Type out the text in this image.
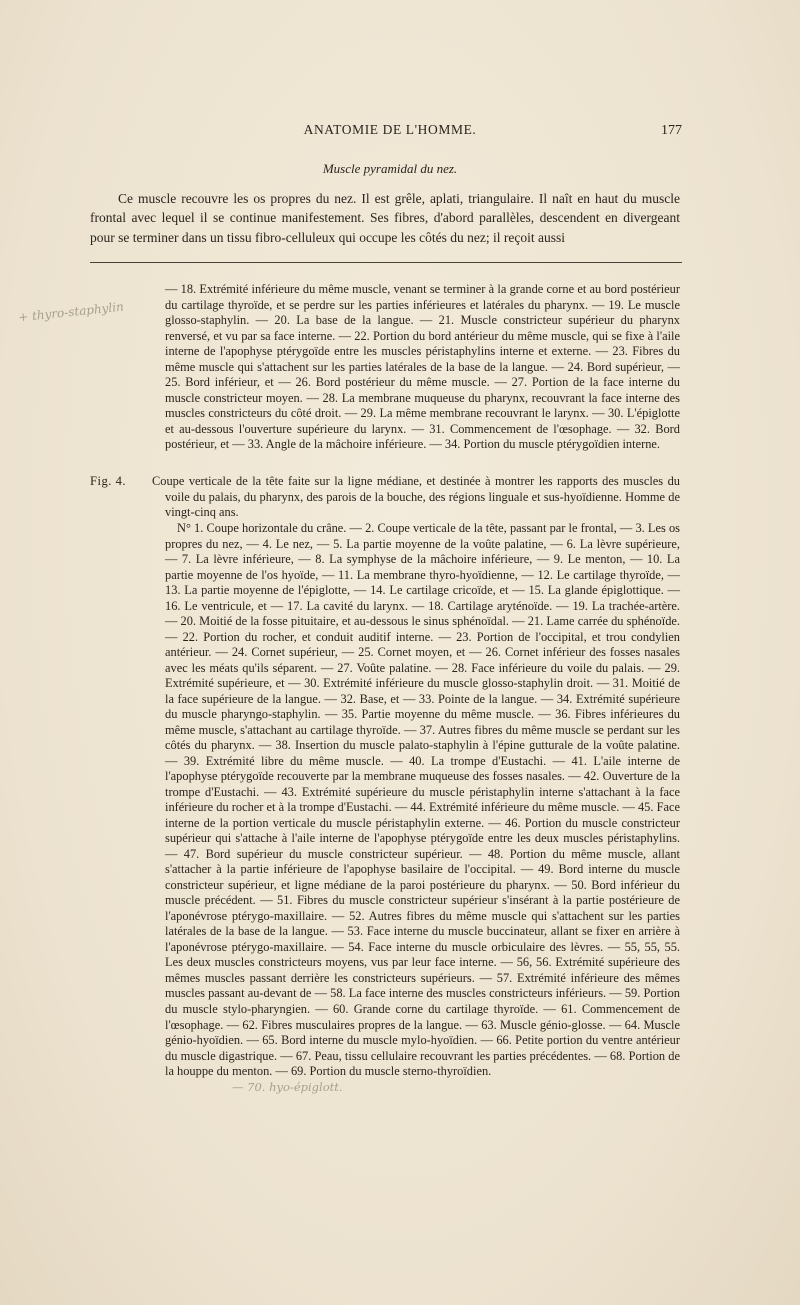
ANATOMIE DE L'HOMME.	177
Muscle pyramidal du nez.

Ce muscle recouvre les os propres du nez. Il est grêle, aplati, triangulaire. Il naît en haut du muscle frontal avec lequel il se continue manifestement. Ses fibres, d'abord parallèles, descendent en divergeant pour se terminer dans un tissu fibro-celluleux qui occupe les côtés du nez; il reçoit aussi

+ thyro-staphylin

— 18. Extrémité inférieure du même muscle, venant se terminer à la grande corne et au bord postérieur du cartilage thyroïde, et se perdre sur les parties inférieures et latérales du pharynx. — 19. Le muscle glosso-staphylin. — 20. La base de la langue. — 21. Muscle constricteur supérieur du pharynx renversé, et vu par sa face interne. — 22. Portion du bord antérieur du même muscle, qui se fixe à l'aile interne de l'apophyse ptérygoïde entre les muscles péristaphylins interne et externe. — 23. Fibres du même muscle qui s'attachent sur les parties latérales de la base de la langue. — 24. Bord supérieur, — 25. Bord inférieur, et — 26. Bord postérieur du même muscle. — 27. Portion de la face interne du muscle constricteur moyen. — 28. La membrane muqueuse du pharynx, recouvrant la face interne des muscles constricteurs du côté droit. — 29. La même membrane recouvrant le larynx. — 30. L'épiglotte et au-dessous l'ouverture supérieure du larynx. — 31. Commencement de l'œsophage. — 32. Bord postérieur, et — 33. Angle de la mâchoire inférieure. — 34. Portion du muscle ptérygoïdien interne.

Fig. 4. Coupe verticale de la tête faite sur la ligne médiane, et destinée à montrer les rapports des muscles du voile du palais, du pharynx, des parois de la bouche, des régions linguale et sus-hyoïdienne. Homme de vingt-cinq ans.

N° 1. Coupe horizontale du crâne. — 2. Coupe verticale de la tête, passant par le frontal, — 3. Les os propres du nez, — 4. Le nez, — 5. La partie moyenne de la voûte palatine, — 6. La lèvre supérieure, — 7. La lèvre inférieure, — 8. La symphyse de la mâchoire inférieure, — 9. Le menton, — 10. La partie moyenne de l'os hyoïde, — 11. La membrane thyro-hyoïdienne, — 12. Le cartilage thyroïde, — 13. La partie moyenne de l'épiglotte, — 14. Le cartilage cricoïde, et — 15. La glande épiglottique. — 16. Le ventricule, et — 17. La cavité du larynx. — 18. Cartilage aryténoïde. — 19. La trachée-artère. — 20. Moitié de la fosse pituitaire, et au-dessous le sinus sphénoïdal. — 21. Lame carrée du sphénoïde. — 22. Portion du rocher, et conduit auditif interne. — 23. Portion de l'occipital, et trou condylien antérieur. — 24. Cornet supérieur, — 25. Cornet moyen, et — 26. Cornet inférieur des fosses nasales avec les méats qu'ils séparent. — 27. Voûte palatine. — 28. Face inférieure du voile du palais. — 29. Extrémité supérieure, et — 30. Extrémité inférieure du muscle glosso-staphylin droit. — 31. Moitié de la face supérieure de la langue. — 32. Base, et — 33. Pointe de la langue. — 34. Extrémité supérieure du muscle pharyngo-staphylin. — 35. Partie moyenne du même muscle. — 36. Fibres inférieures du même muscle, s'attachant au cartilage thyroïde. — 37. Autres fibres du même muscle se perdant sur les côtés du pharynx. — 38. Insertion du muscle palato-staphylin à l'épine gutturale de la voûte palatine. — 39. Extrémité libre du même muscle. — 40. La trompe d'Eustachi. — 41. L'aile interne de l'apophyse ptérygoïde recouverte par la membrane muqueuse des fosses nasales. — 42. Ouverture de la trompe d'Eustachi. — 43. Extrémité supérieure du muscle péristaphylin interne s'attachant à la face inférieure du rocher et à la trompe d'Eustachi. — 44. Extrémité inférieure du même muscle. — 45. Face interne de la portion verticale du muscle péristaphylin externe. — 46. Portion du muscle constricteur supérieur qui s'attache à l'aile interne de l'apophyse ptérygoïde entre les deux muscles péristaphylins. — 47. Bord supérieur du muscle constricteur supérieur. — 48. Portion du même muscle, allant s'attacher à la partie inférieure de l'apophyse basilaire de l'occipital. — 49. Bord interne du muscle constricteur supérieur, et ligne médiane de la paroi postérieure du pharynx. — 50. Bord inférieur du muscle précédent. — 51. Fibres du muscle constricteur supérieur s'insérant à la partie postérieure de l'aponévrose ptérygo-maxillaire. — 52. Autres fibres du même muscle qui s'attachent sur les parties latérales de la base de la langue. — 53. Face interne du muscle buccinateur, allant se fixer en arrière à l'aponévrose ptérygo-maxillaire. — 54. Face interne du muscle orbiculaire des lèvres. — 55, 55, 55. Les deux muscles constricteurs moyens, vus par leur face interne. — 56, 56. Extrémité supérieure des mêmes muscles passant derrière les constricteurs supérieurs. — 57. Extrémité inférieure des mêmes muscles passant au-devant de — 58. La face interne des muscles constricteurs inférieurs. — 59. Portion du muscle stylo-pharyngien. — 60. Grande corne du cartilage thyroïde. — 61. Commencement de l'œsophage. — 62. Fibres musculaires propres de la langue. — 63. Muscle génio-glosse. — 64. Muscle génio-hyoïdien. — 65. Bord interne du muscle mylo-hyoïdien. — 66. Petite portion du ventre antérieur du muscle digastrique. — 67. Peau, tissu cellulaire recouvrant les parties précédentes. — 68. Portion de la houppe du menton. — 69. Portion du muscle sterno-thyroïdien.

— 70. hyo-épiglott.
